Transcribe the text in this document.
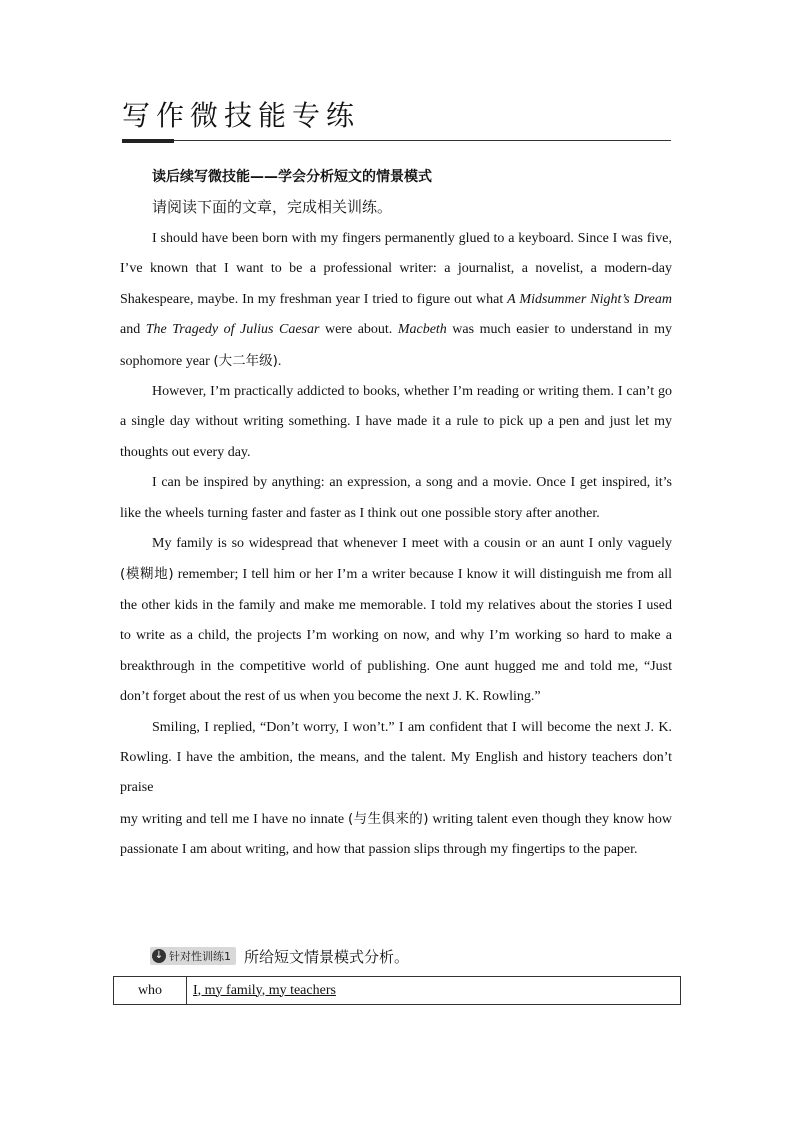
写作微技能专练
读后续写微技能——学会分析短文的情景模式
请阅读下面的文章，完成相关训练。

I should have been born with my fingers permanently glued to a keyboard. Since I was five, I’ve known that I want to be a professional writer: a journalist, a novelist, a modern-day Shakespeare, maybe. In my freshman year I tried to figure out what A Midsummer Night’s Dream and The Tragedy of Julius Caesar were about. Macbeth was much easier to understand in my sophomore year (大二年级).

However, I’m practically addicted to books, whether I’m reading or writing them. I can’t go a single day without writing something. I have made it a rule to pick up a pen and just let my thoughts out every day.

I can be inspired by anything: an expression, a song and a movie. Once I get inspired, it’s like the wheels turning faster and faster as I think out one possible story after another.

My family is so widespread that whenever I meet with a cousin or an aunt I only vaguely (模糊地) remember; I tell him or her I’m a writer because I know it will distinguish me from all the other kids in the family and make me memorable. I told my relatives about the stories I used to write as a child, the projects I’m working on now, and why I’m working so hard to make a breakthrough in the competitive world of publishing. One aunt hugged me and told me, “Just don’t forget about the rest of us when you become the next J. K. Rowling.”

Smiling, I replied, “Don’t worry, I won’t.” I am confident that I will become the next J. K. Rowling. I have the ambition, the means, and the talent. My English and history teachers don’t praise

my writing and tell me I have no innate (与生俱来的) writing talent even though they know how passionate I am about writing, and how that passion slips through my fingertips to the paper.

↓ 针对性训练1 所给短文情景模式分析。
who	I, my family, my teachers
